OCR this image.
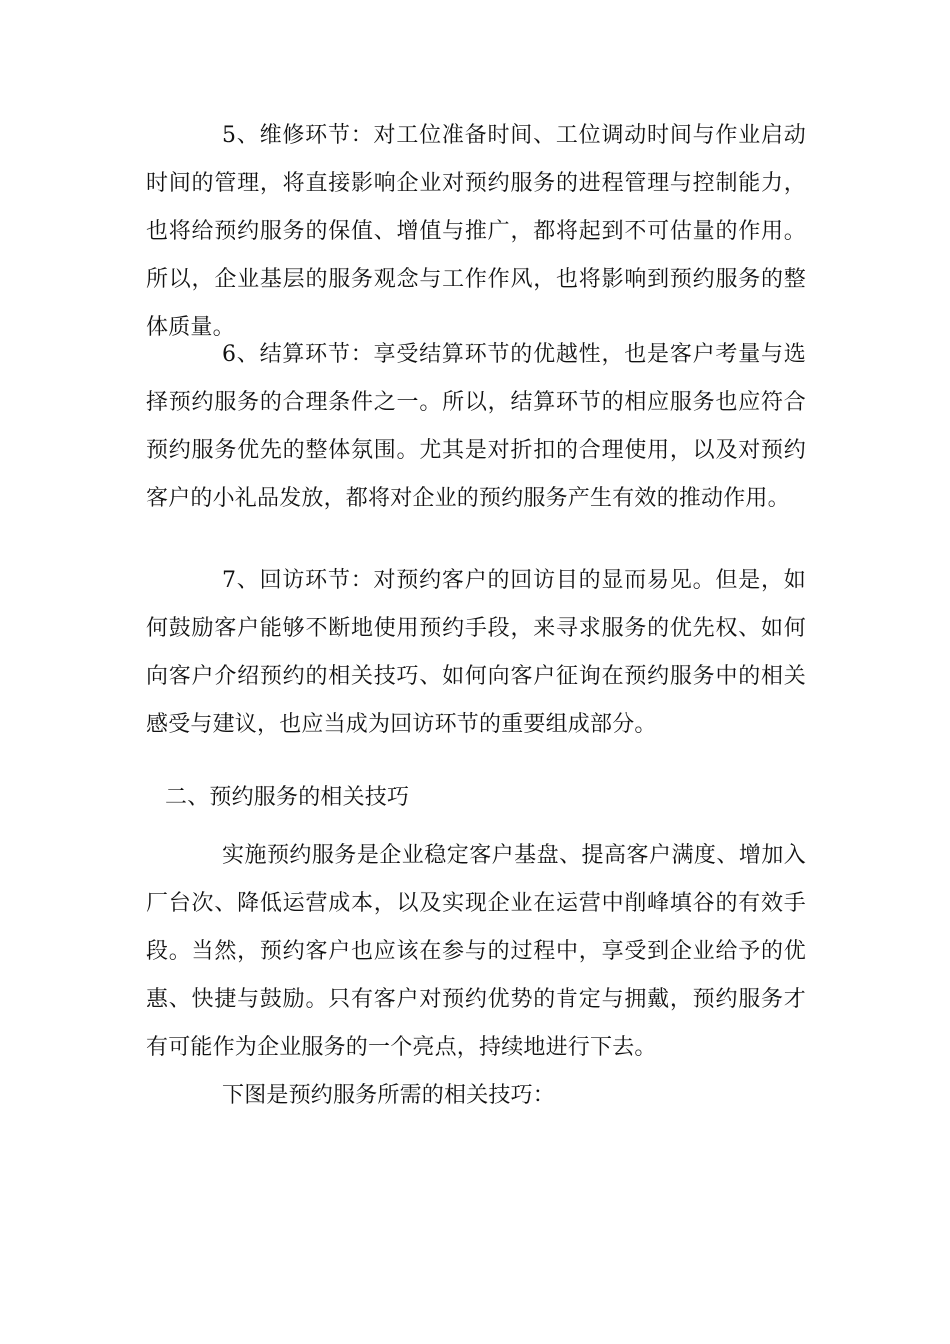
5、维修环节：对工位准备时间、工位调动时间与作业启动时间的管理，将直接影响企业对预约服务的进程管理与控制能力，也将给预约服务的保值、增值与推广，都将起到不可估量的作用。所以，企业基层的服务观念与工作作风，也将影响到预约服务的整体质量。

6、结算环节：享受结算环节的优越性，也是客户考量与选择预约服务的合理条件之一。所以，结算环节的相应服务也应符合预约服务优先的整体氛围。尤其是对折扣的合理使用，以及对预约客户的小礼品发放，都将对企业的预约服务产生有效的推动作用。

7、回访环节：对预约客户的回访目的显而易见。但是，如何鼓励客户能够不断地使用预约手段，来寻求服务的优先权、如何向客户介绍预约的相关技巧、如何向客户征询在预约服务中的相关感受与建议，也应当成为回访环节的重要组成部分。

二、预约服务的相关技巧

实施预约服务是企业稳定客户基盘、提高客户满度、增加入厂台次、降低运营成本，以及实现企业在运营中削峰填谷的有效手段。当然，预约客户也应该在参与的过程中，享受到企业给予的优惠、快捷与鼓励。只有客户对预约优势的肯定与拥戴，预约服务才有可能作为企业服务的一个亮点，持续地进行下去。

下图是预约服务所需的相关技巧：
